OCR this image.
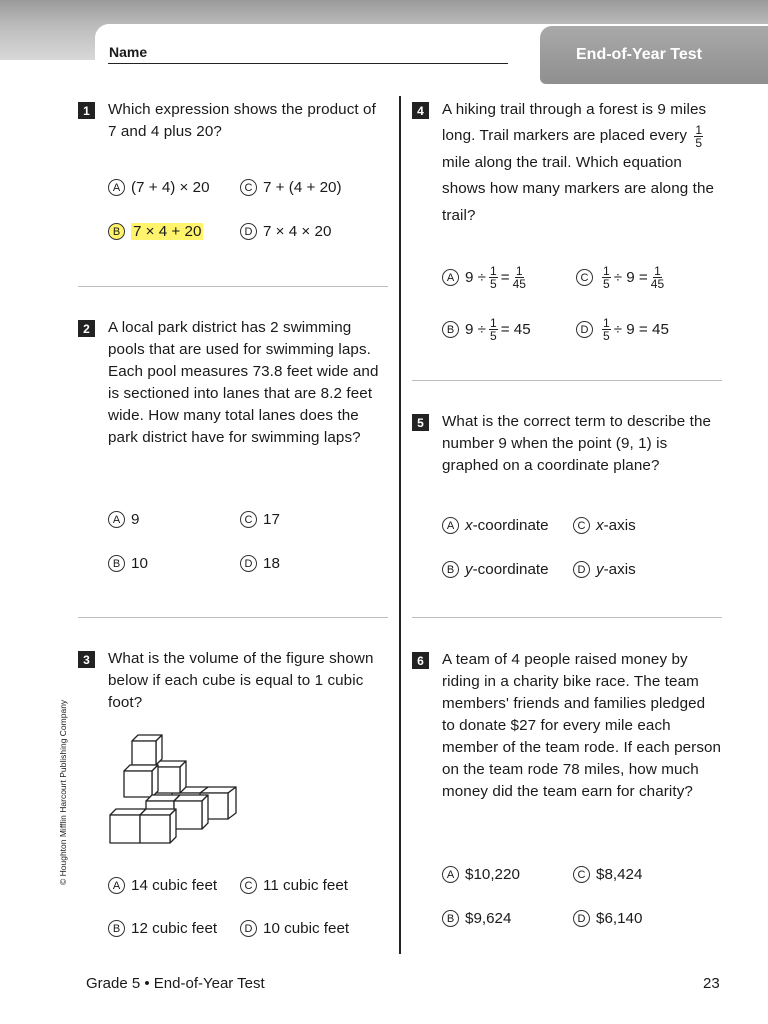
End-of-Year Test
Name
© Houghton Mifflin Harcourt Publishing Company
1	Which expression shows the product of 7 and 4 plus 20?
A (7 + 4) × 20
B 7 × 4 + 20
C 7 + (4 + 20)
D 7 × 4 × 20
2	A local park district has 2 swimming pools that are used for swimming laps. Each pool measures 73.8 feet wide and is sectioned into lanes that are 8.2 feet wide. How many total lanes does the park district have for swimming laps?
A 9
B 10
C 17
D 18
3	What is the volume of the figure shown below if each cube is equal to 1 cubic foot?
A 14 cubic feet
B 12 cubic feet
C 11 cubic feet
D 10 cubic feet
4	A hiking trail through a forest is 9 miles long. Trail markers are placed every $\frac{1}{5}$
mile along the trail. Which equation shows how many markers are along the trail?
A $9 \div \frac{1}{5} = \frac{1}{45}$
B $9 \div \frac{1}{5} = 45$
C	$\frac{1}{5} \div 9 = \frac{1}{45}$
D	$\frac{1}{5} \div 9 = 45$
5	What is the correct term to describe the number 9 when the point (9, 1) is graphed on a coordinate plane?
A x -coordinate
B y -coordinate
C x -axis
D y -axis
6	A team of 4 people raised money by riding in a charity bike race. The team members' friends and families pledged to donate $27 for every mile each member of the team rode. If each person on the team rode 78 miles, how much money did the team earn for charity?
A $10,220
B $9,624
C $8,424
D $6,140
Grade 5 • End-of-Year Test	23
